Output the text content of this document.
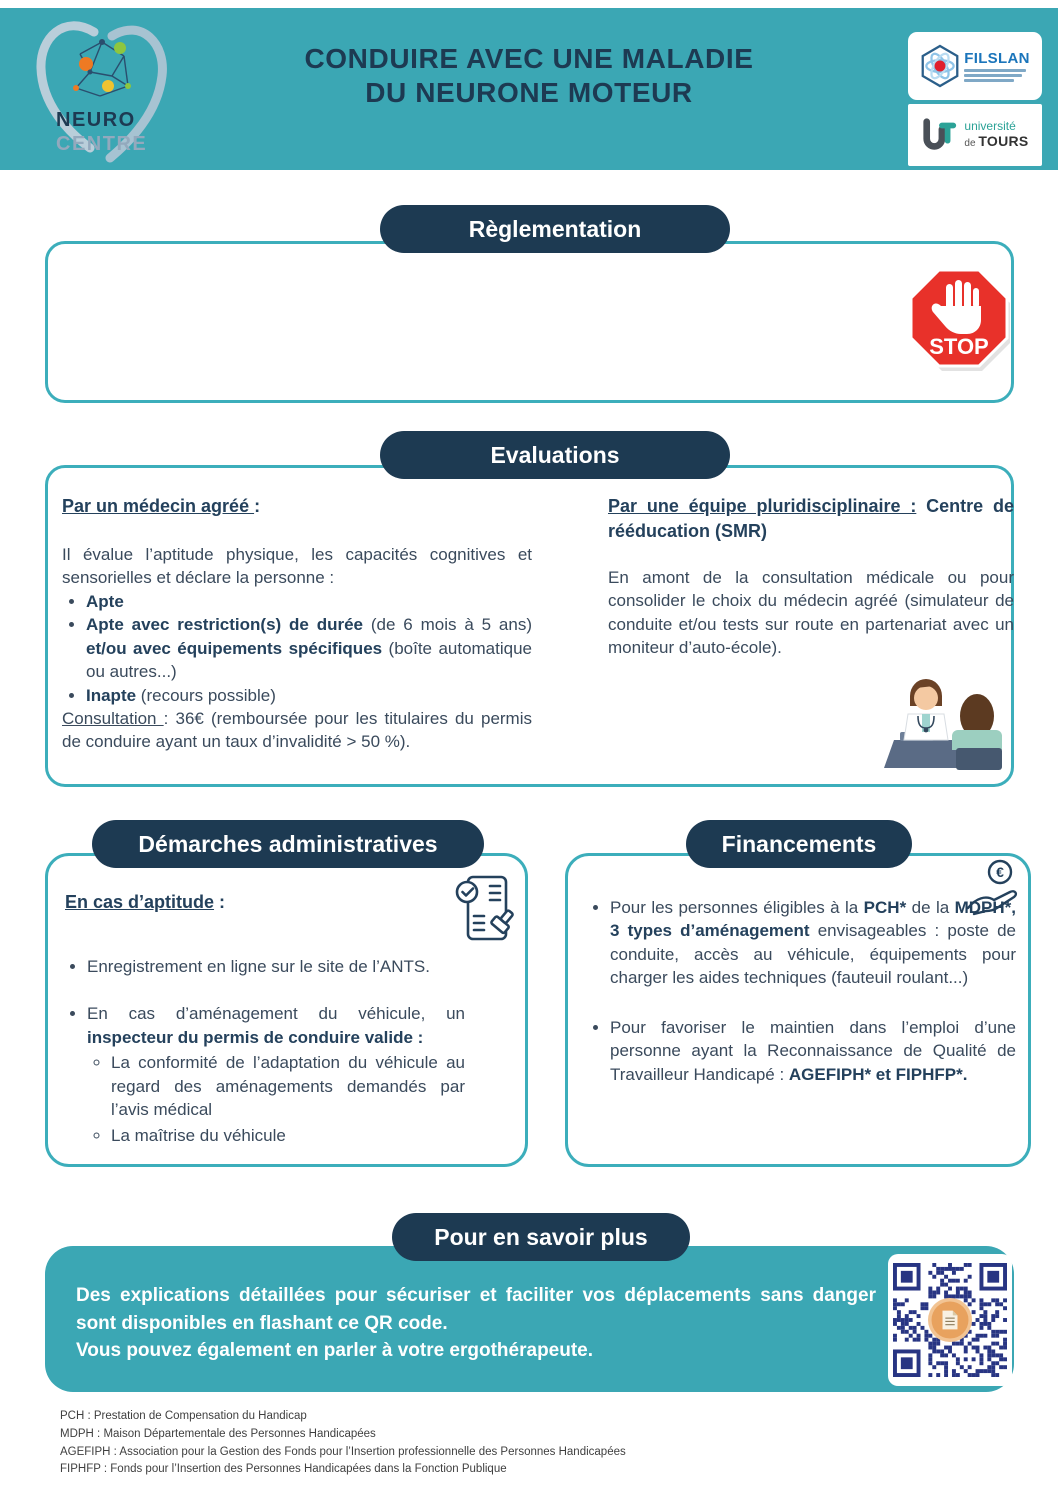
NEURO
CENTRE
CONDUIRE AVEC UNE MALADIE
DU NEURONE MOTEUR
FILSLAN
université
de TOURS
Règlementation
STOP
Evaluations
Par un médecin agréé :
Il évalue l’aptitude physique, les capacités cognitives et sensorielles et déclare la personne :
• Apte
• Apte avec restriction(s) de durée (de 6 mois à 5 ans) et/ou avec équipements spécifiques (boîte automatique ou autres...)
• Inapte (recours possible)
Consultation : 36€ (remboursée pour les titulaires du permis de conduire ayant un taux d’invalidité > 50 %).
Par une équipe pluridisciplinaire : Centre de rééducation (SMR)
En amont de la consultation médicale ou pour consolider le choix du médecin agréé (simulateur de conduite et/ou tests sur route en partenariat avec un moniteur d’auto-école).
Démarches administratives
En cas d’aptitude :
• Enregistrement en ligne sur le site de l’ANTS.
• En cas d’aménagement du véhicule, un inspecteur du permis de conduire valide :
◦ La conformité de l’adaptation du véhicule au regard des aménagements demandés par l’avis médical
◦ La maîtrise du véhicule
Financements
€
• Pour les personnes éligibles à la PCH* de la MDPH*, 3 types d’aménagement envisageables : poste de conduite, accès au véhicule, équipements pour charger les aides techniques (fauteuil roulant...)
• Pour favoriser le maintien dans l’emploi d’une personne ayant la Reconnaissance de Qualité de Travailleur Handicapé : AGEFIPH* et FIPHFP*.
Pour en savoir plus
Des explications détaillées pour sécuriser et faciliter vos déplacements sans danger sont disponibles en flashant ce QR code.
Vous pouvez également en parler à votre ergothérapeute.
PCH : Prestation de Compensation du Handicap
MDPH : Maison Départementale des Personnes Handicapées
AGEFIPH : Association pour la Gestion des Fonds pour l’Insertion professionnelle des Personnes Handicapées
FIPHFP : Fonds pour l’Insertion des Personnes Handicapées dans la Fonction Publique
